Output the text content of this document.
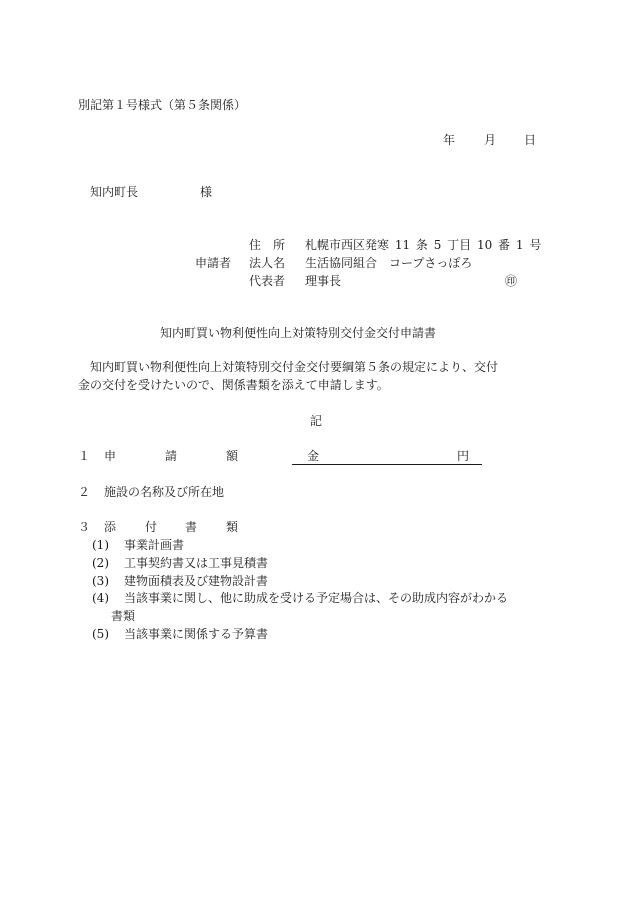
別記第１号様式（第５条関係）
年 月 日
知内町長	様
住　所 札幌市西区発寒 11 条 5 丁目 10 番 1 号
申請者 法人名 生活協同組合　コープさっぽろ
代表者 理事長	㊞
知内町買い物利便性向上対策特別交付金交付申請書
知内町買い物利便性向上対策特別交付金交付要綱第５条の規定により、交付
金の交付を受けたいので、関係書類を添えて申請します。
記
１ 申	請	額	金	円
２ 施設の名称及び所在地
３ 添 付 書 類
(1) 事業計画書
(2) 工事契約書又は工事見積書
(3) 建物面積表及び建物設計書
(4) 当該事業に関し、他に助成を受ける予定場合は、その助成内容がわかる
書類
(5) 当該事業に関係する予算書
